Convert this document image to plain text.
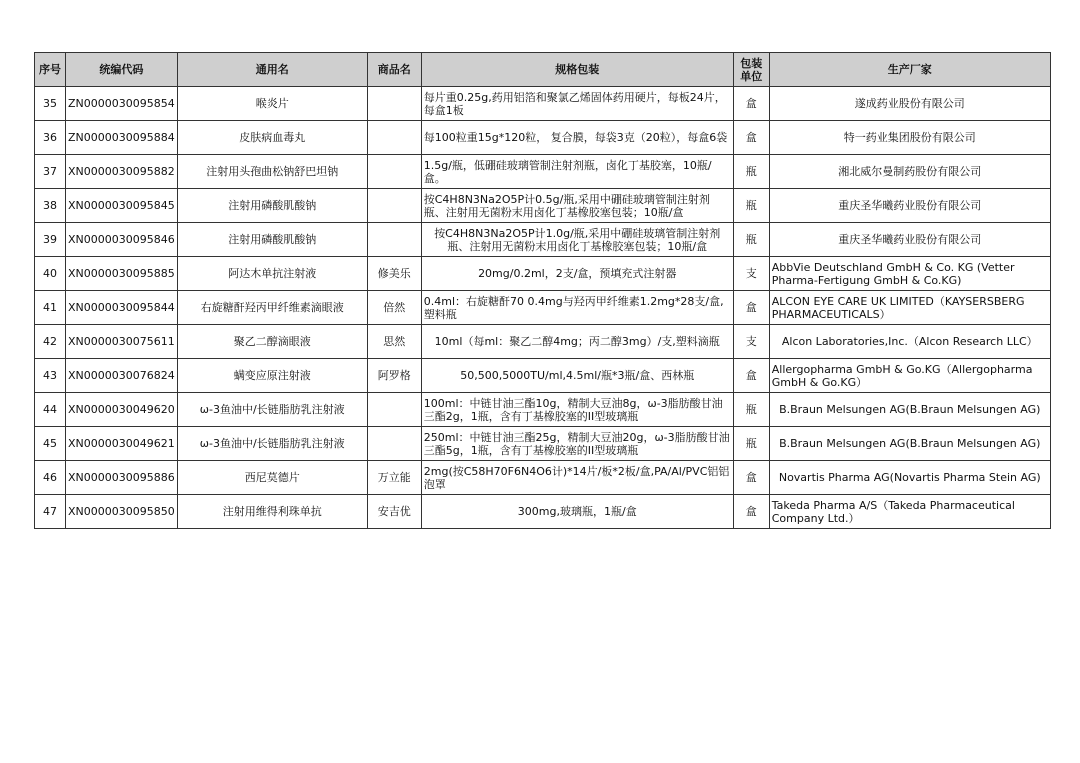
序号	统编代码	通用名	商品名	规格包装	包装单位	生产厂家
35	ZN0000030095854	喉炎片		每片重0.25g,药用铝箔和聚氯乙烯固体药用硬片，每板24片，每盒1板	盒	遂成药业股份有限公司
36	ZN0000030095884	皮肤病血毒丸		每100粒重15g*120粒， 复合膜，每袋3克（20粒），每盒6袋	盒	特一药业集团股份有限公司
37	XN0000030095882	注射用头孢曲松钠舒巴坦钠		1.5g/瓶，低硼硅玻璃管制注射剂瓶，卤化丁基胶塞，10瓶/盒。	瓶	湘北威尔曼制药股份有限公司
38	XN0000030095845	注射用磷酸肌酸钠		按C4H8N3Na2O5P计0.5g/瓶,采用中硼硅玻璃管制注射剂瓶、注射用无菌粉末用卤化丁基橡胶塞包装；10瓶/盒	瓶	重庆圣华曦药业股份有限公司
39	XN0000030095846	注射用磷酸肌酸钠		按C4H8N3Na2O5P计1.0g/瓶,采用中硼硅玻璃管制注射剂瓶、注射用无菌粉末用卤化丁基橡胶塞包装；10瓶/盒	瓶	重庆圣华曦药业股份有限公司
40	XN0000030095885	阿达木单抗注射液	修美乐	20mg/0.2ml，2支/盒，预填充式注射器	支	AbbVie Deutschland GmbH & Co. KG (Vetter Pharma-Fertigung GmbH & Co.KG)
41	XN0000030095844	右旋糖酐羟丙甲纤维素滴眼液	倍然	0.4ml：右旋糖酐70 0.4mg与羟丙甲纤维素1.2mg*28支/盒,塑料瓶	盒	ALCON EYE CARE UK LIMITED（KAYSERSBERG PHARMACEUTICALS）
42	XN0000030075611	聚乙二醇滴眼液	思然	10ml（每ml：聚乙二醇4mg；丙二醇3mg）/支,塑料滴瓶	支	Alcon Laboratories,Inc.（Alcon Research LLC）
43	XN0000030076824	螨变应原注射液	阿罗格	50,500,5000TU/ml,4.5ml/瓶*3瓶/盒、西林瓶	盒	Allergopharma GmbH & Go.KG（Allergopharma GmbH & Go.KG）
44	XN0000030049620	ω-3鱼油中/长链脂肪乳注射液		100ml：中链甘油三酯10g，精制大豆油8g，ω-3脂肪酸甘油三酯2g，1瓶，含有丁基橡胶塞的II型玻璃瓶	瓶	B.Braun Melsungen AG(B.Braun Melsungen AG)
45	XN0000030049621	ω-3鱼油中/长链脂肪乳注射液		250ml：中链甘油三酯25g，精制大豆油20g，ω-3脂肪酸甘油三酯5g，1瓶，含有丁基橡胶塞的II型玻璃瓶	瓶	B.Braun Melsungen AG(B.Braun Melsungen AG)
46	XN0000030095886	西尼莫德片	万立能	2mg(按C58H70F6N4O6计)*14片/板*2板/盒,PA/Al/PVC铝铝泡罩	盒	Novartis Pharma AG(Novartis Pharma Stein AG)
47	XN0000030095850	注射用维得利珠单抗	安吉优	300mg,玻璃瓶，1瓶/盒	盒	Takeda Pharma A/S（Takeda Pharmaceutical Company Ltd.）
